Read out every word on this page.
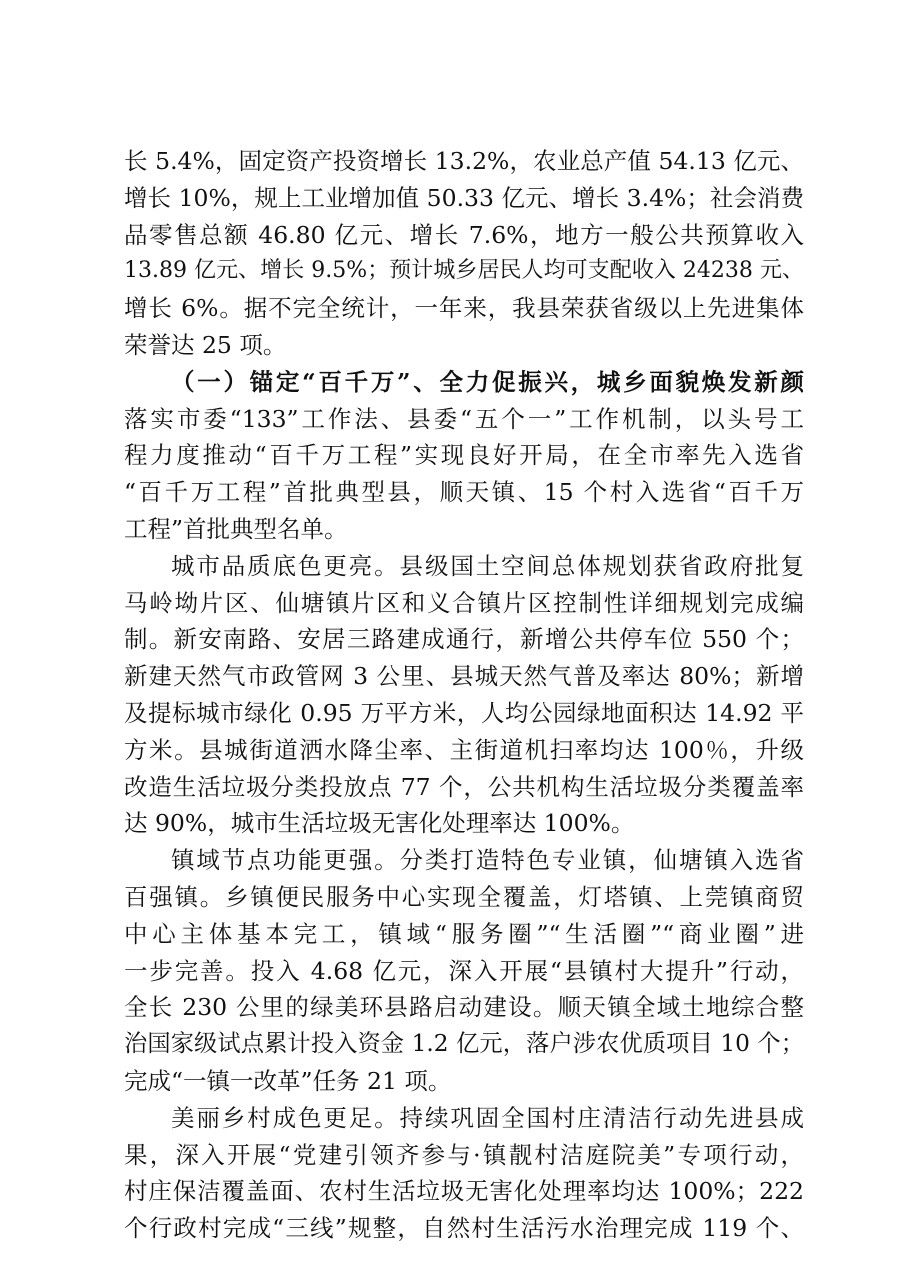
长 5.4%，固定资产投资增长 13.2%，农业总产值 54.13 亿元、
增长 10%，规上工业增加值 50.33 亿元、增长 3.4%；社会消费
品零售总额 46.80 亿元、增长 7.6%，地方一般公共预算收入
13.89 亿元、增长 9.5%；预计城乡居民人均可支配收入 24238 元、
增长 6%。据不完全统计，一年来，我县荣获省级以上先进集体
荣誉达 25 项。
（一）锚定“百千万”、全力促振兴，城乡面貌焕发新颜
落实市委“133”工作法、县委“五个一”工作机制，以头号工
程力度推动“百千万工程”实现良好开局，在全市率先入选省
“百千万工程”首批典型县，顺天镇、15 个村入选省“百千万
工程”首批典型名单。
城市品质底色更亮。县级国土空间总体规划获省政府批复
马岭坳片区、仙塘镇片区和义合镇片区控制性详细规划完成编
制。新安南路、安居三路建成通行，新增公共停车位 550 个；
新建天然气市政管网 3 公里、县城天然气普及率达 80%；新增
及提标城市绿化 0.95 万平方米，人均公园绿地面积达 14.92 平
方米。县城街道洒水降尘率、主街道机扫率均达 100％，升级
改造生活垃圾分类投放点 77 个，公共机构生活垃圾分类覆盖率
达 90%，城市生活垃圾无害化处理率达 100%。
镇域节点功能更强。分类打造特色专业镇，仙塘镇入选省
百强镇。乡镇便民服务中心实现全覆盖，灯塔镇、上莞镇商贸
中心主体基本完工，镇域“服务圈”“生活圈”“商业圈”进
一步完善。投入 4.68 亿元，深入开展“县镇村大提升”行动，
全长 230 公里的绿美环县路启动建设。顺天镇全域土地综合整
治国家级试点累计投入资金 1.2 亿元，落户涉农优质项目 10 个；
完成“一镇一改革”任务 21 项。
美丽乡村成色更足。持续巩固全国村庄清洁行动先进县成
果，深入开展“党建引领齐参与·镇靓村洁庭院美”专项行动，
村庄保洁覆盖面、农村生活垃圾无害化处理率均达 100%；222
个行政村完成“三线”规整，自然村生活污水治理完成 119 个、
